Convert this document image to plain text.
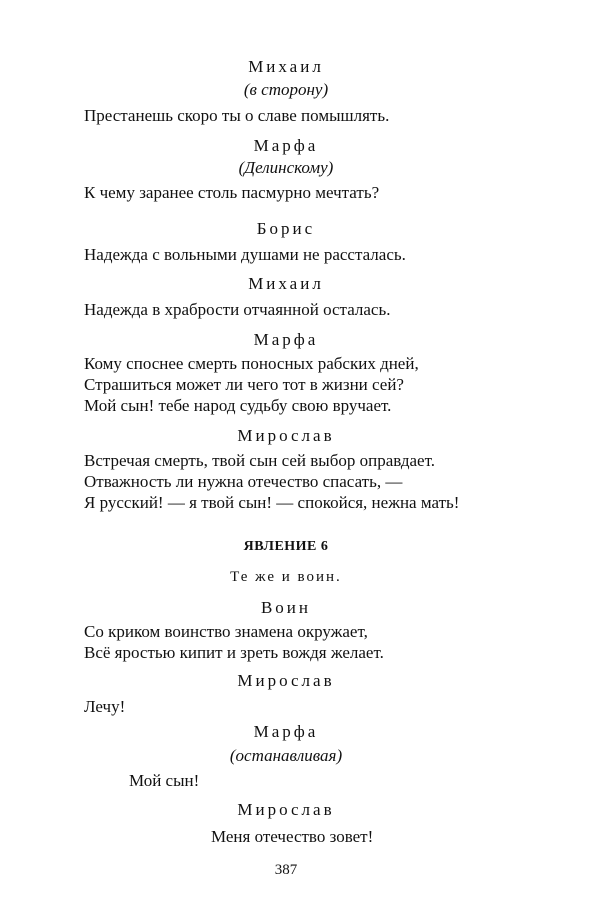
Михаил
(в сторону)
Престанешь скоро ты о славе помышлять.
Марфа
(Делинскому)
К чему заранее столь пасмурно мечтать?
Борис
Надежда с вольными душами не рассталась.
Михаил
Надежда в храбрости отчаянной осталась.
Марфа
Кому споснее смерть поносных рабских дней,
Страшиться может ли чего тот в жизни сей?
Мой сын! тебе народ судьбу свою вручает.
Мирослав
Встречая смерть, твой сын сей выбор оправдает.
Отважность ли нужна отечество спасать, —
Я русский! — я твой сын! — спокойся, нежна мать!
ЯВЛЕНИЕ 6
Те же и воин.
Воин
Со криком воинство знамена окружает,
Всё яростью кипит и зреть вождя желает.
Мирослав
Лечу!
Марфа
(останавливая)
Мой сын!
Мирослав
Меня отечество зовет!
387
